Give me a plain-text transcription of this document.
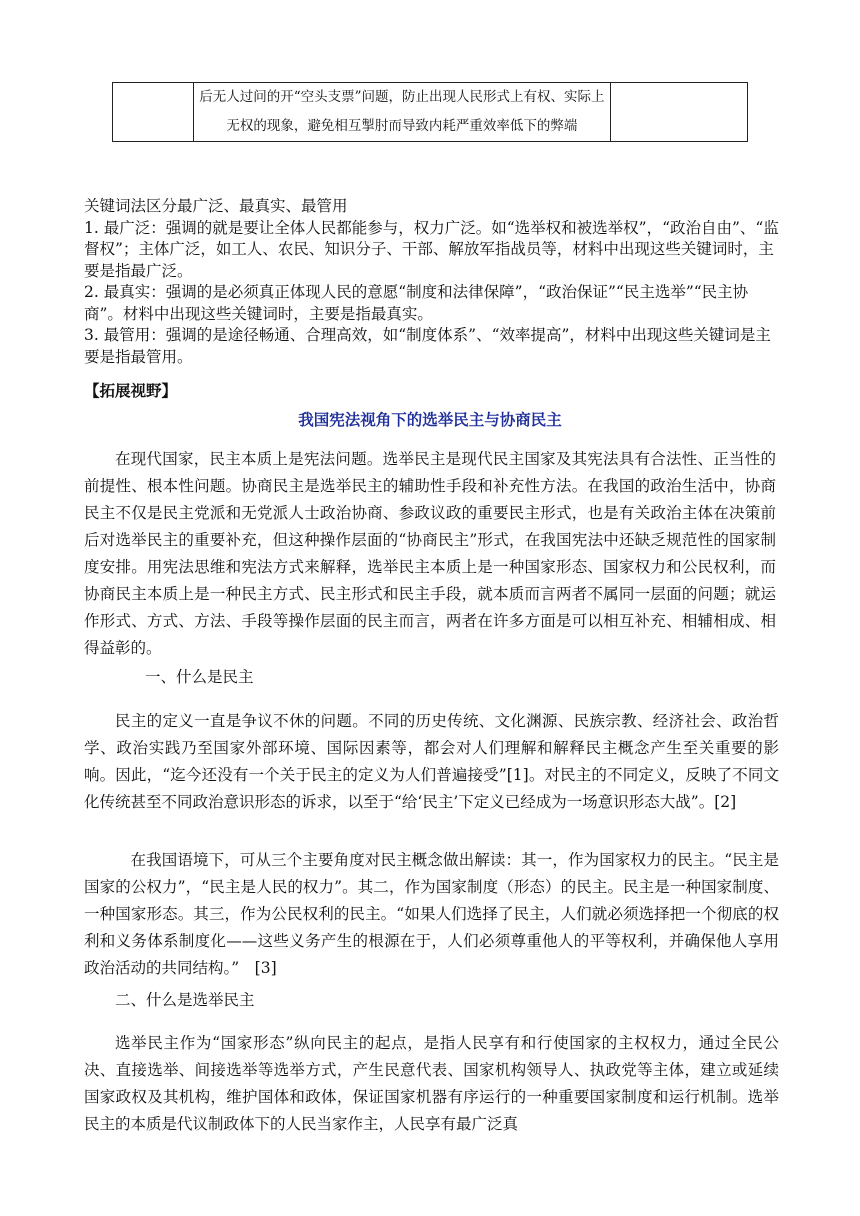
	后无人过问的开“空头支票”问题，防止出现人民形式上有权、实际上无权的现象，避免相互掣肘而导致内耗严重效率低下的弊端	

关键词法区分最广泛、最真实、最管用

1. 最广泛：强调的就是要让全体人民都能参与，权力广泛。如“选举权和被选举权”，“政治自由”、“监督权”；主体广泛，如工人、农民、知识分子、干部、解放军指战员等，材料中出现这些关键词时，主要是指最广泛。

2. 最真实：强调的是必须真正体现人民的意愿“制度和法律保障”，“政治保证”“民主选举”“民主协商”。材料中出现这些关键词时，主要是指最真实。

3. 最管用：强调的是途径畅通、合理高效，如“制度体系”、“效率提高”，材料中出现这些关键词是主要是指最管用。

【拓展视野】
我国宪法视角下的选举民主与协商民主

在现代国家，民主本质上是宪法问题。选举民主是现代民主国家及其宪法具有合法性、正当性的前提性、根本性问题。协商民主是选举民主的辅助性手段和补充性方法。在我国的政治生活中，协商民主不仅是民主党派和无党派人士政治协商、参政议政的重要民主形式，也是有关政治主体在决策前后对选举民主的重要补充，但这种操作层面的“协商民主”形式，在我国宪法中还缺乏规范性的国家制度安排。用宪法思维和宪法方式来解释，选举民主本质上是一种国家形态、国家权力和公民权利，而协商民主本质上是一种民主方式、民主形式和民主手段，就本质而言两者不属同一层面的问题；就运作形式、方式、方法、手段等操作层面的民主而言，两者在许多方面是可以相互补充、相辅相成、相得益彰的。

一、什么是民主

民主的定义一直是争议不休的问题。不同的历史传统、文化渊源、民族宗教、经济社会、政治哲学、政治实践乃至国家外部环境、国际因素等，都会对人们理解和解释民主概念产生至关重要的影响。因此，“迄今还没有一个关于民主的定义为人们普遍接受”[1]。对民主的不同定义，反映了不同文化传统甚至不同政治意识形态的诉求，以至于“给‘民主’下定义已经成为一场意识形态大战”。[2]

在我国语境下，可从三个主要角度对民主概念做出解读：其一，作为国家权力的民主。“民主是国家的公权力”，“民主是人民的权力”。其二，作为国家制度（形态）的民主。民主是一种国家制度、一种国家形态。其三，作为公民权利的民主。“如果人们选择了民主，人们就必须选择把一个彻底的权利和义务体系制度化——这些义务产生的根源在于，人们必须尊重他人的平等权利，并确保他人享用政治活动的共同结构。”　[3]

二、什么是选举民主

选举民主作为“国家形态”纵向民主的起点，是指人民享有和行使国家的主权权力，通过全民公决、直接选举、间接选举等选举方式，产生民意代表、国家机构领导人、执政党等主体，建立或延续国家政权及其机构，维护国体和政体，保证国家机器有序运行的一种重要国家制度和运行机制。选举民主的本质是代议制政体下的人民当家作主，人民享有最广泛真
